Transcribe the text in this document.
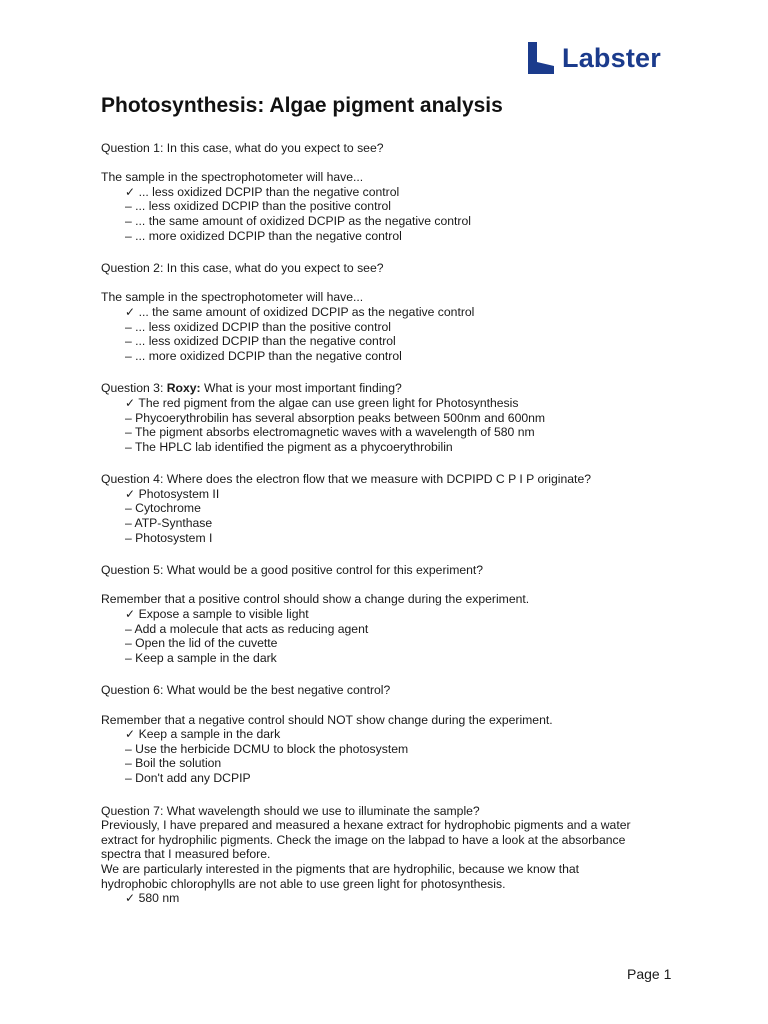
Labster
Photosynthesis: Algae pigment analysis
Question 1: In this case, what do you expect to see?
The sample in the spectrophotometer will have...
✓ ... less oxidized DCPIP than the negative control
– ... less oxidized DCPIP than the positive control
– ... the same amount of oxidized DCPIP as the negative control
– ... more oxidized DCPIP than the negative control
Question 2: In this case, what do you expect to see?
The sample in the spectrophotometer will have...
✓ ... the same amount of oxidized DCPIP as the negative control
– ... less oxidized DCPIP than the positive control
– ... less oxidized DCPIP than the negative control
– ... more oxidized DCPIP than the negative control
Question 3: Roxy: What is your most important finding?
✓ The red pigment from the algae can use green light for Photosynthesis
– Phycoerythrobilin has several absorption peaks between 500nm and 600nm
– The pigment absorbs electromagnetic waves with a wavelength of 580 nm
– The HPLC lab identified the pigment as a phycoerythrobilin
Question 4: Where does the electron flow that we measure with DCPIPD C P I P originate?
✓ Photosystem II
– Cytochrome
– ATP-Synthase
– Photosystem I
Question 5: What would be a good positive control for this experiment?
Remember that a positive control should show a change during the experiment.
✓ Expose a sample to visible light
– Add a molecule that acts as reducing agent
– Open the lid of the cuvette
– Keep a sample in the dark
Question 6: What would be the best negative control?
Remember that a negative control should NOT show change during the experiment.
✓ Keep a sample in the dark
– Use the herbicide DCMU to block the photosystem
– Boil the solution
– Don't add any DCPIP
Question 7: What wavelength should we use to illuminate the sample?
Previously, I have prepared and measured a hexane extract for hydrophobic pigments and a water
extract for hydrophilic pigments. Check the image on the labpad to have a look at the absorbance
spectra that I measured before.
We are particularly interested in the pigments that are hydrophilic, because we know that
hydrophobic chlorophylls are not able to use green light for photosynthesis.
✓ 580 nm
Page 1
